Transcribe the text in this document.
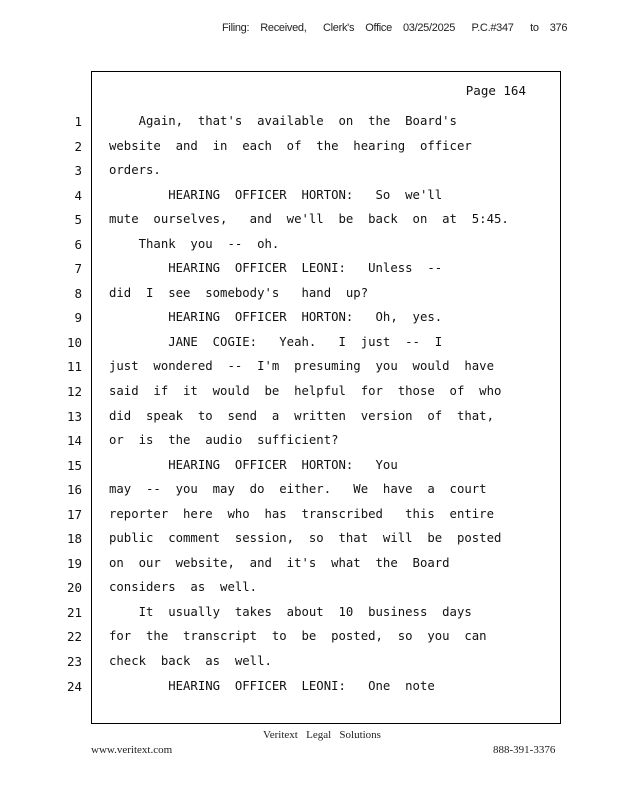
Filing:    Received,      Clerk's    Office    03/25/2025      P.C.#347      to    376
Page 164
1
2
3
4
5
6
7
8
9
10
11
12
13
14
15
16
17
18
19
20
21
22
23
24
Again,  that's  available  on  the  Board's
website  and  in  each  of  the  hearing  officer
orders.
HEARING  OFFICER  HORTON:   So  we'll
mute  ourselves,   and  we'll  be  back  on  at  5:45.
Thank  you  --  oh.
HEARING  OFFICER  LEONI:   Unless  --
did  I  see  somebody's   hand  up?
HEARING  OFFICER  HORTON:   Oh,  yes.
JANE  COGIE:   Yeah.   I  just  --  I
just  wondered  --  I'm  presuming  you  would  have
said  if  it  would  be  helpful  for  those  of  who
did  speak  to  send  a  written  version  of  that,
or  is  the  audio  sufficient?
HEARING  OFFICER  HORTON:   You
may  --  you  may  do  either.   We  have  a  court
reporter  here  who  has  transcribed   this  entire
public  comment  session,  so  that  will  be  posted
on  our  website,  and  it's  what  the  Board
considers  as  well.
It  usually  takes  about  10  business  days
for  the  transcript  to  be  posted,  so  you  can
check  back  as  well.
HEARING  OFFICER  LEONI:   One  note
Veritext   Legal   Solutions
www.veritext.com	888-391-3376
